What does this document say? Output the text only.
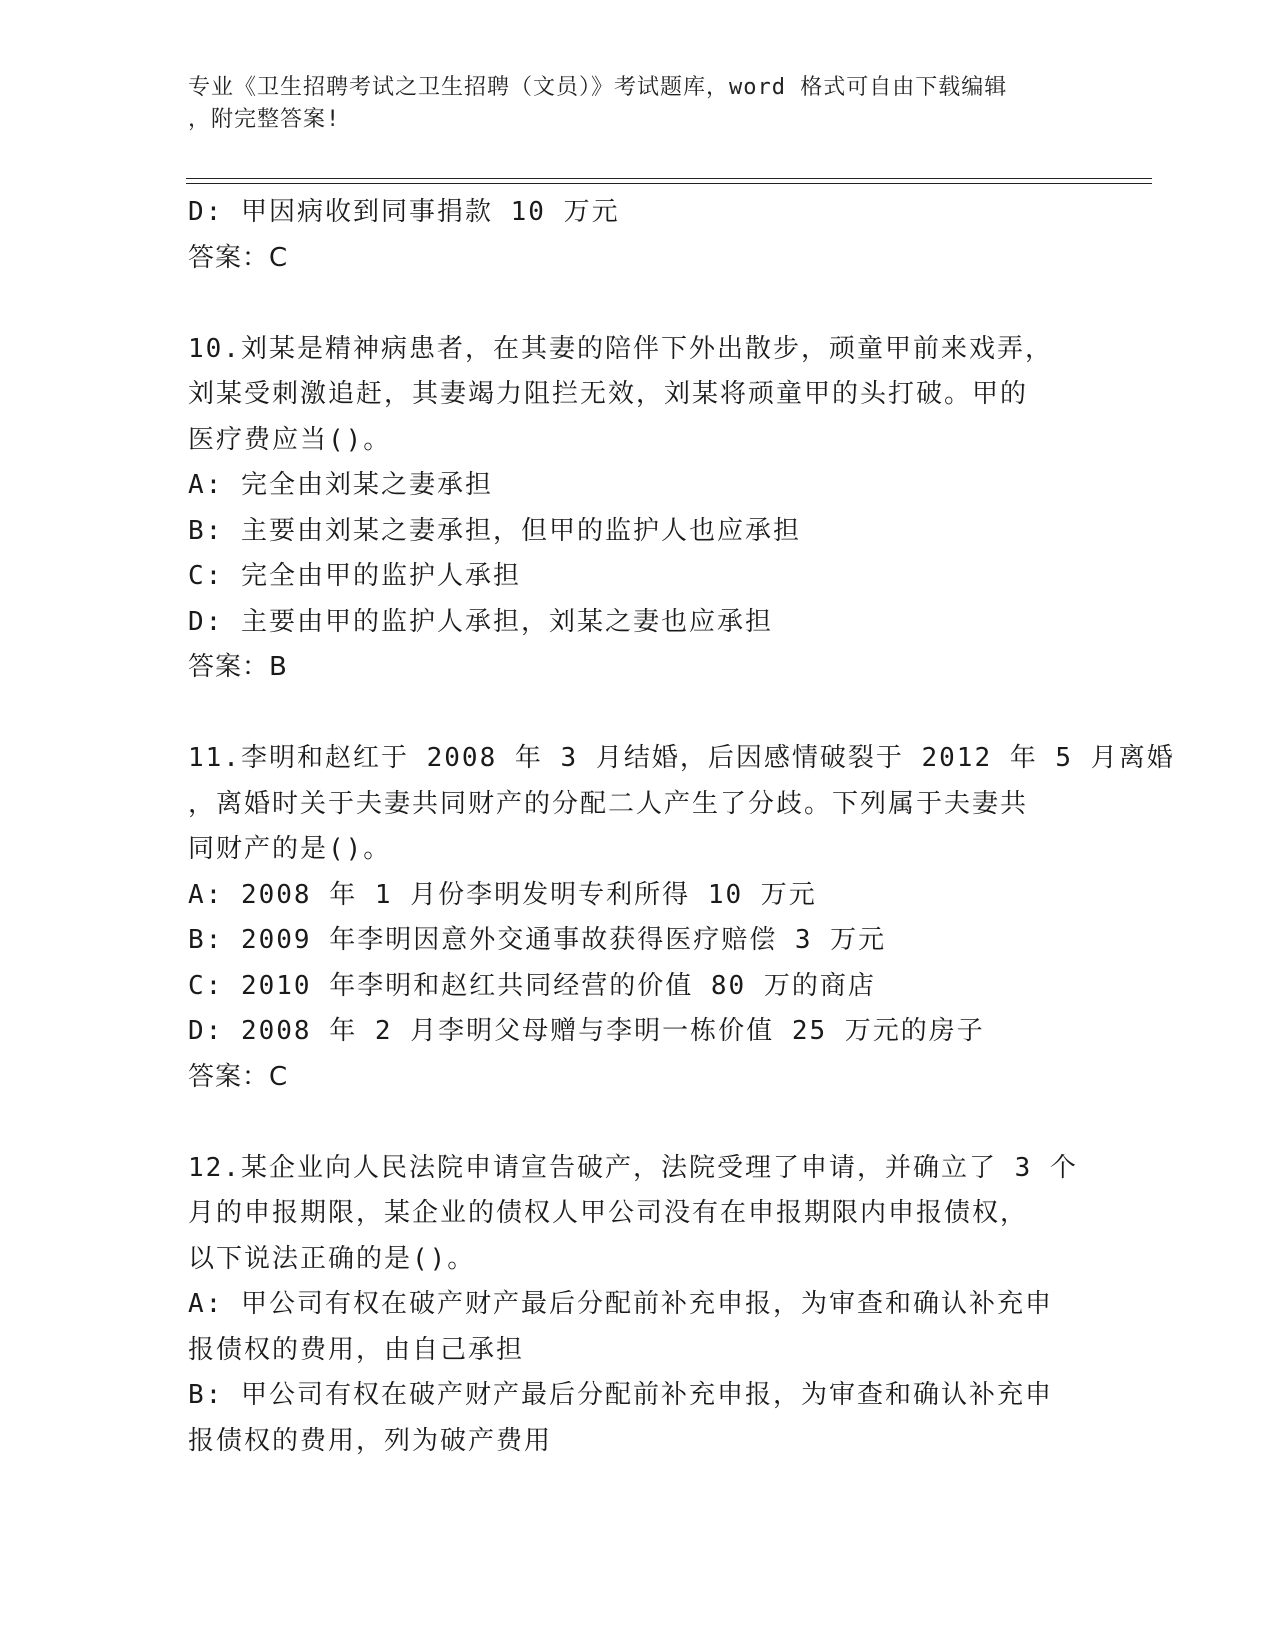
专业《卫生招聘考试之卫生招聘（文员）》考试题库，word 格式可自由下载编辑
，附完整答案!
D: 甲因病收到同事捐款 10 万元
答案：C
10.刘某是精神病患者，在其妻的陪伴下外出散步，顽童甲前来戏弄，
刘某受刺激追赶，其妻竭力阻拦无效，刘某将顽童甲的头打破。甲的
医疗费应当()。
A: 完全由刘某之妻承担
B: 主要由刘某之妻承担，但甲的监护人也应承担
C: 完全由甲的监护人承担
D: 主要由甲的监护人承担，刘某之妻也应承担
答案：B
11.李明和赵红于 2008 年 3 月结婚，后因感情破裂于 2012 年 5 月离婚
，离婚时关于夫妻共同财产的分配二人产生了分歧。下列属于夫妻共
同财产的是()。
A: 2008 年 1 月份李明发明专利所得 10 万元
B: 2009 年李明因意外交通事故获得医疗赔偿 3 万元
C: 2010 年李明和赵红共同经营的价值 80 万的商店
D: 2008 年 2 月李明父母赠与李明一栋价值 25 万元的房子
答案：C
12.某企业向人民法院申请宣告破产，法院受理了申请，并确立了 3 个
月的申报期限，某企业的债权人甲公司没有在申报期限内申报债权，
以下说法正确的是()。
A: 甲公司有权在破产财产最后分配前补充申报，为审查和确认补充申
报债权的费用，由自己承担
B: 甲公司有权在破产财产最后分配前补充申报，为审查和确认补充申
报债权的费用，列为破产费用
